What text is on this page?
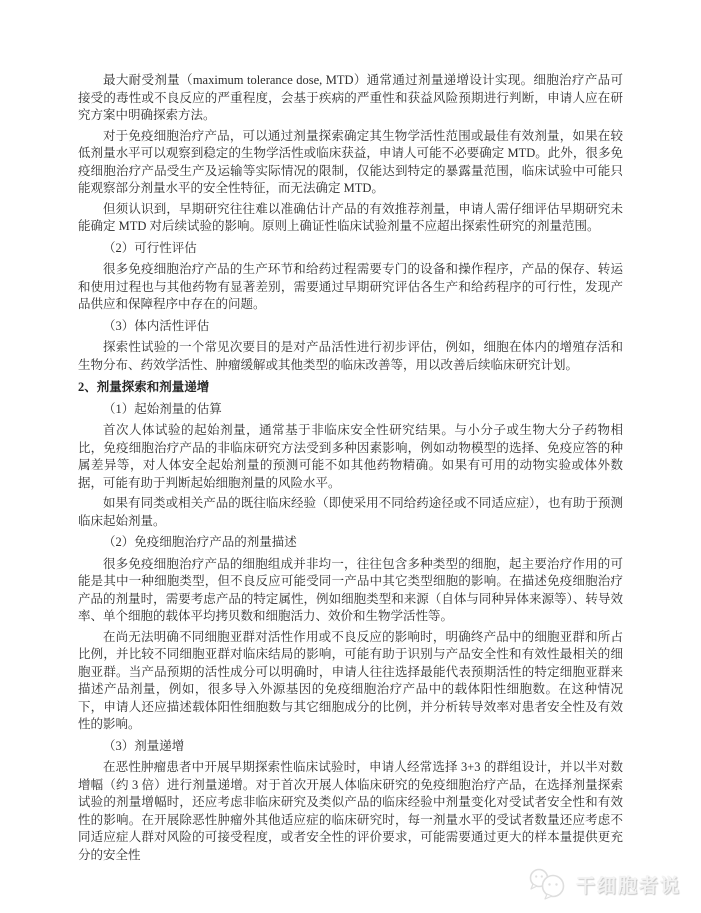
最大耐受剂量（maximum tolerance dose, MTD）通常通过剂量递增设计实现。细胞治疗产品可接受的毒性或不良反应的严重程度，会基于疾病的严重性和获益风险预期进行判断，申请人应在研究方案中明确探索方法。

对于免疫细胞治疗产品，可以通过剂量探索确定其生物学活性范围或最佳有效剂量，如果在较低剂量水平可以观察到稳定的生物学活性或临床获益，申请人可能不必要确定 MTD。此外，很多免疫细胞治疗产品受生产及运输等实际情况的限制，仅能达到特定的暴露量范围，临床试验中可能只能观察部分剂量水平的安全性特征，而无法确定 MTD。

但须认识到，早期研究往往难以准确估计产品的有效推荐剂量，申请人需仔细评估早期研究未能确定 MTD 对后续试验的影响。原则上确证性临床试验剂量不应超出探索性研究的剂量范围。

（2）可行性评估

很多免疫细胞治疗产品的生产环节和给药过程需要专门的设备和操作程序，产品的保存、转运和使用过程也与其他药物有显著差别，需要通过早期研究评估各生产和给药程序的可行性，发现产品供应和保障程序中存在的问题。

（3）体内活性评估

探索性试验的一个常见次要目的是对产品活性进行初步评估，例如，细胞在体内的增殖存活和生物分布、药效学活性、肿瘤缓解或其他类型的临床改善等，用以改善后续临床研究计划。

2、剂量探索和剂量递增

（1）起始剂量的估算

首次人体试验的起始剂量，通常基于非临床安全性研究结果。与小分子或生物大分子药物相比，免疫细胞治疗产品的非临床研究方法受到多种因素影响，例如动物模型的选择、免疫应答的种属差异等，对人体安全起始剂量的预测可能不如其他药物精确。如果有可用的动物实验或体外数据，可能有助于判断起始细胞剂量的风险水平。

如果有同类或相关产品的既往临床经验（即使采用不同给药途径或不同适应症），也有助于预测临床起始剂量。

（2）免疫细胞治疗产品的剂量描述

很多免疫细胞治疗产品的细胞组成并非均一，往往包含多种类型的细胞，起主要治疗作用的可能是其中一种细胞类型，但不良反应可能受同一产品中其它类型细胞的影响。在描述免疫细胞治疗产品的剂量时，需要考虑产品的特定属性，例如细胞类型和来源（自体与同种异体来源等）、转导效率、单个细胞的载体平均拷贝数和细胞活力、效价和生物学活性等。

在尚无法明确不同细胞亚群对活性作用或不良反应的影响时，明确终产品中的细胞亚群和所占比例，并比较不同细胞亚群对临床结局的影响，可能有助于识别与产品安全性和有效性最相关的细胞亚群。当产品预期的活性成分可以明确时，申请人往往选择最能代表预期活性的特定细胞亚群来描述产品剂量，例如，很多导入外源基因的免疫细胞治疗产品中的载体阳性细胞数。在这种情况下，申请人还应描述载体阳性细胞数与其它细胞成分的比例，并分析转导效率对患者安全性及有效性的影响。

（3）剂量递增

在恶性肿瘤患者中开展早期探索性临床试验时，申请人经常选择 3+3 的群组设计，并以半对数增幅（约 3 倍）进行剂量递增。对于首次开展人体临床研究的免疫细胞治疗产品，在选择剂量探索试验的剂量增幅时，还应考虑非临床研究及类似产品的临床经验中剂量变化对受试者安全性和有效性的影响。在开展除恶性肿瘤外其他适应症的临床研究时，每一剂量水平的受试者数量还应考虑不同适应症人群对风险的可接受程度，或者安全性的评价要求，可能需要通过更大的样本量提供更充分的安全性

干细胞者说
